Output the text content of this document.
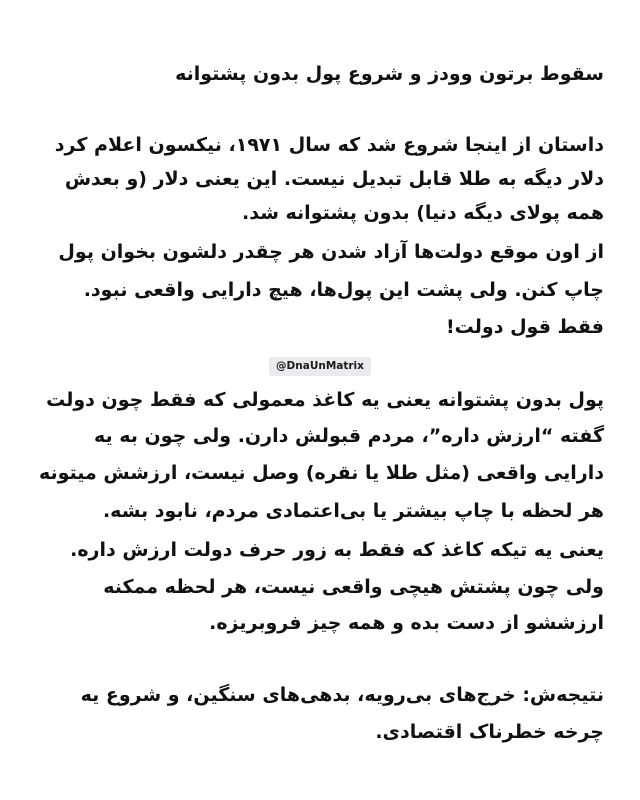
سقوط برتون وودز و شروع پول بدون پشتوانه
داستان از اینجا شروع شد که سال ۱۹۷۱، نیکسون اعلام کرد
دلار دیگه به طلا قابل تبدیل نیست. این یعنی دلار (و بعدش
همه پولای دیگه دنیا) بدون پشتوانه شد.
از اون موقع دولت‌ها آزاد شدن هر چقدر دلشون بخوان پول
چاپ کنن. ولی پشت این پول‌ها، هیچ دارایی واقعی نبود.
فقط قول دولت!
@DnaUnMatrix
پول بدون پشتوانه یعنی یه کاغذ معمولی که فقط چون دولت
گفته “ارزش داره”، مردم قبولش دارن. ولی چون به یه
دارایی واقعی (مثل طلا یا نقره) وصل نیست، ارزشش میتونه
هر لحظه با چاپ بیشتر یا بی‌اعتمادی مردم، نابود بشه.
یعنی یه تیکه کاغذ که فقط به زور حرف دولت ارزش داره.
ولی چون پشتش هیچی واقعی نیست، هر لحظه ممکنه
ارزششو از دست بده و همه چیز فروبریزه.
نتیجه‌ش: خرج‌های بی‌رویه، بدهی‌های سنگین، و شروع یه
چرخه خطرناک اقتصادی.
